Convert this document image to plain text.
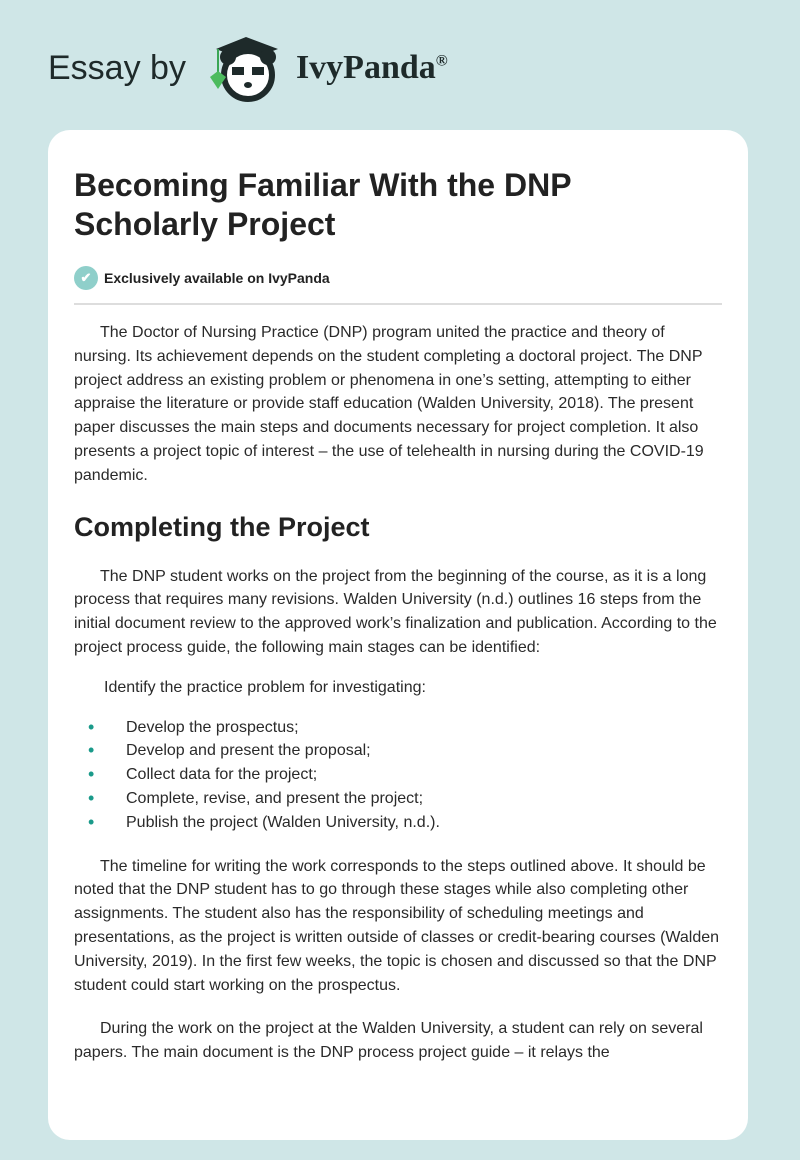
Essay by	IvyPanda®
Becoming Familiar With the DNP Scholarly Project
✔ Exclusively available on IvyPanda

The Doctor of Nursing Practice (DNP) program united the practice and theory of nursing. Its achievement depends on the student completing a doctoral project. The DNP project address an existing problem or phenomena in one’s setting, attempting to either appraise the literature or provide staff education (Walden University, 2018). The present paper discusses the main steps and documents necessary for project completion. It also presents a project topic of interest – the use of telehealth in nursing during the COVID-19 pandemic.

Completing the Project

The DNP student works on the project from the beginning of the course, as it is a long process that requires many revisions. Walden University (n.d.) outlines 16 steps from the initial document review to the approved work’s finalization and publication. According to the project process guide, the following main stages can be identified:

Identify the practice problem for investigating:

• Develop the prospectus;
• Develop and present the proposal;
• Collect data for the project;
• Complete, revise, and present the project;
• Publish the project (Walden University, n.d.).

The timeline for writing the work corresponds to the steps outlined above. It should be noted that the DNP student has to go through these stages while also completing other assignments. The student also has the responsibility of scheduling meetings and presentations, as the project is written outside of classes or credit-bearing courses (Walden University, 2019). In the first few weeks, the topic is chosen and discussed so that the DNP student could start working on the prospectus.

During the work on the project at the Walden University, a student can rely on several papers. The main document is the DNP process project guide – it relays the
